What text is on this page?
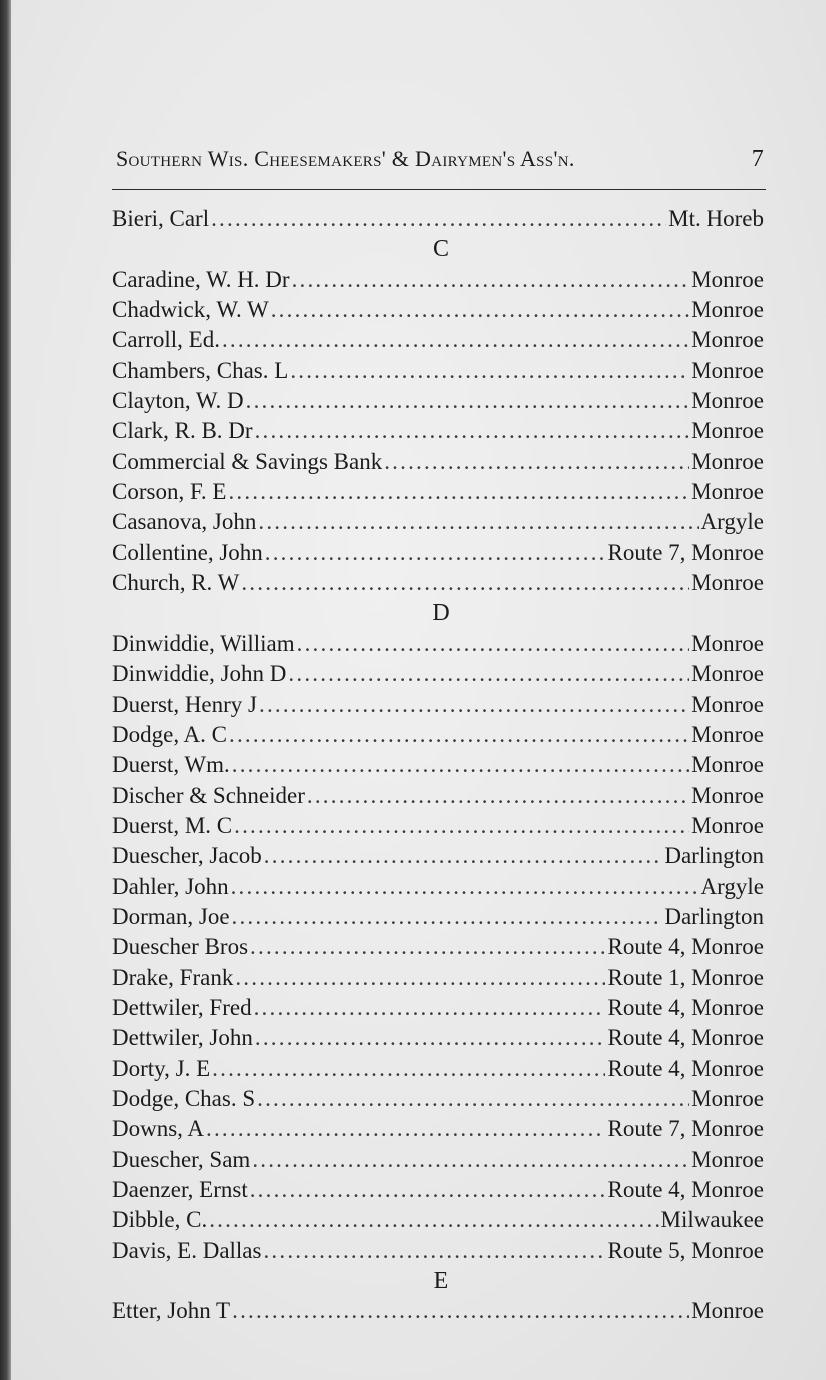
Southern Wis. Cheesemakers' & Dairymen's Ass'n.	7
Bieri, Carl .....	Mt. Horeb
C
Caradine, W. H. Dr .....	Monroe
Chadwick, W. W .....	Monroe
Carroll, Ed. .....	Monroe
Chambers, Chas. L .....	Monroe
Clayton, W. D .....	Monroe
Clark, R. B. Dr .....	Monroe
Commercial & Savings Bank .....	Monroe
Corson, F. E .....	Monroe
Casanova, John .....	Argyle
Collentine, John .....	Route 7, Monroe
Church, R. W .....	Monroe
D
Dinwiddie, William .....	Monroe
Dinwiddie, John D .....	Monroe
Duerst, Henry J .....	Monroe
Dodge, A. C .....	Monroe
Duerst, Wm. .....	Monroe
Discher & Schneider .....	Monroe
Duerst, M. C .....	Monroe
Duescher, Jacob .....	Darlington
Dahler, John .....	Argyle
Dorman, Joe .....	Darlington
Duescher Bros .....	Route 4, Monroe
Drake, Frank .....	Route 1, Monroe
Dettwiler, Fred .....	Route 4, Monroe
Dettwiler, John .....	Route 4, Monroe
Dorty, J. E .....	Route 4, Monroe
Dodge, Chas. S .....	Monroe
Downs, A .....	Route 7, Monroe
Duescher, Sam .....	Monroe
Daenzer, Ernst .....	Route 4, Monroe
Dibble, C. .....	Milwaukee
Davis, E. Dallas .....	Route 5, Monroe
E
Etter, John T .....	Monroe
